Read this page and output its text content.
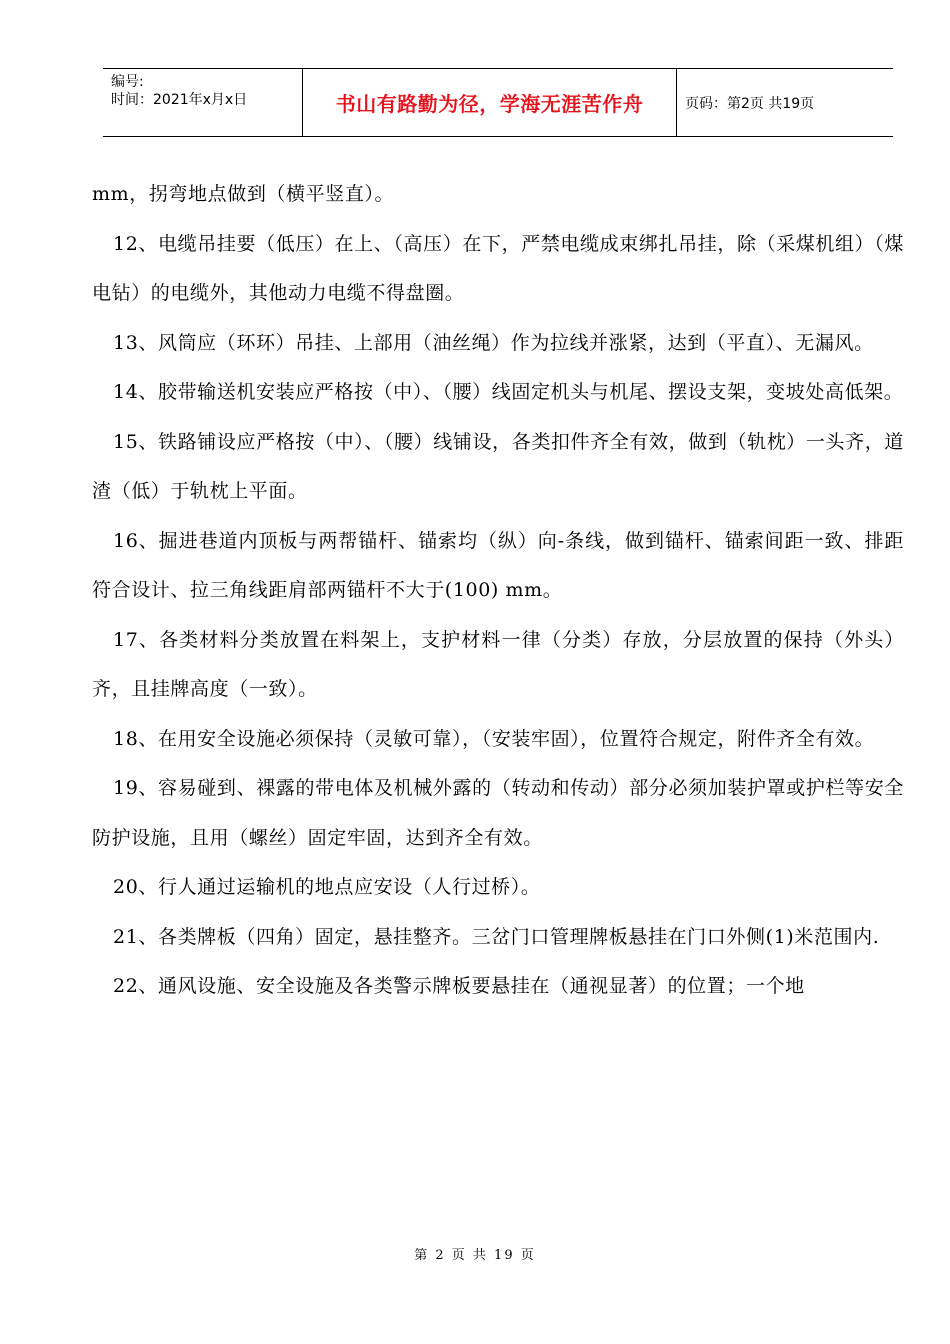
编号:
时间：2021年x月x日	书山有路勤为径，学海无涯苦作舟	页码：第2页 共19页

mm，拐弯地点做到（横平竖直）。

12、电缆吊挂要（低压）在上、（高压）在下，严禁电缆成束绑扎吊挂，除（采煤机组）（煤电钻）的电缆外，其他动力电缆不得盘圈。

13、风筒应（环环）吊挂、上部用（油丝绳）作为拉线并涨紧，达到（平直）、无漏风。

14、胶带输送机安装应严格按（中）、（腰）线固定机头与机尾、摆设支架，变坡处高低架。

15、铁路铺设应严格按（中）、（腰）线铺设，各类扣件齐全有效，做到（轨枕）一头齐，道渣（低）于轨枕上平面。

16、掘进巷道内顶板与两帮锚杆、锚索均（纵）向-条线，做到锚杆、锚索间距一致、排距符合设计、拉三角线距肩部两锚杆不大于(100) mm。

17、各类材料分类放置在料架上，支护材料一律（分类）存放，分层放置的保持（外头）齐，且挂牌高度（一致）。

18、在用安全设施必须保持（灵敏可靠），（安装牢固），位置符合规定，附件齐全有效。

19、容易碰到、裸露的带电体及机械外露的（转动和传动）部分必须加装护罩或护栏等安全防护设施，且用（螺丝）固定牢固，达到齐全有效。

20、行人通过运输机的地点应安设（人行过桥）。

21、各类牌板（四角）固定，悬挂整齐。三岔门口管理牌板悬挂在门口外侧(1)米范围内.

22、通风设施、安全设施及各类警示牌板要悬挂在（通视显著）的位置；一个地

第 2 页 共 19 页
